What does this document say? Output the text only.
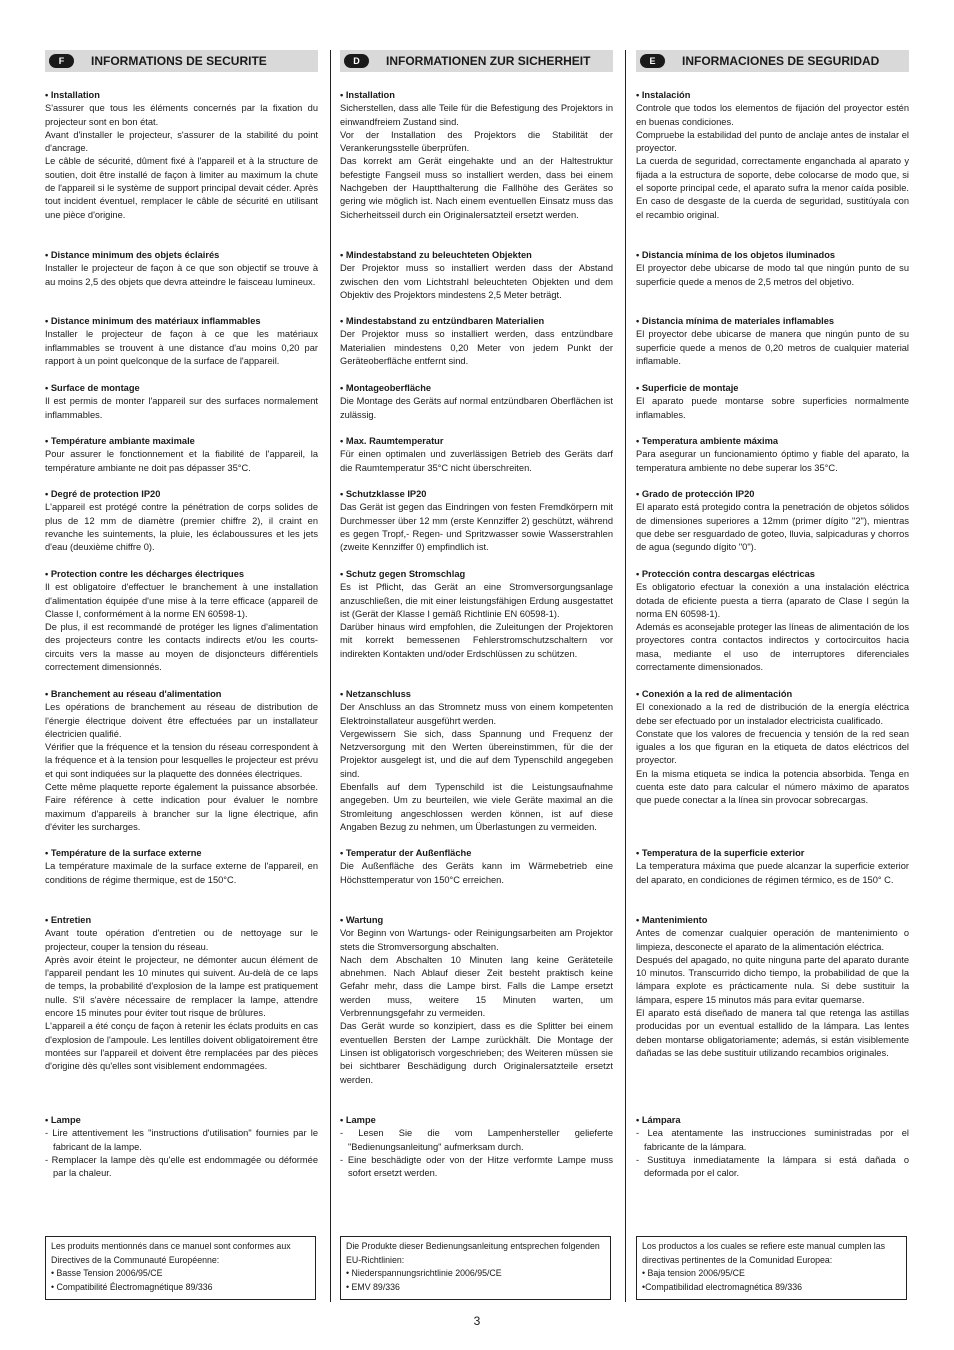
F	INFORMATIONS DE SECURITE

• Installation

S'assurer que tous les éléments concernés par la fixation du projecteur sont en bon état.

Avant d'installer le projecteur, s'assurer de la stabilité du point d'ancrage.

Le câble de sécurité, dûment fixé à l'appareil et à la structure de soutien, doit être installé de façon à limiter au maximum la chute de l'appareil si le système de support principal devait céder. Après tout incident éventuel, remplacer le câble de sécurité en utilisant une pièce d'origine.

• Distance minimum des objets éclairés

Installer le projecteur de façon à ce que son objectif se trouve à au moins 2,5 des objets que devra atteindre le faisceau lumineux.

• Distance minimum des matériaux inflammables

Installer le projecteur de façon à ce que les matériaux inflammables se trouvent à une distance d'au moins 0,20 par rapport à un point quelconque de la surface de l'appareil.

• Surface de montage

Il est permis de monter l'appareil sur des surfaces normalement inflammables.

• Température ambiante maximale

Pour assurer le fonctionnement et la fiabilité de l'appareil, la température ambiante ne doit pas dépasser 35°C.

• Degré de protection IP20

L'appareil est protégé contre la pénétration de corps solides de plus de 12 mm de diamètre (premier chiffre 2), il craint en revanche les suintements, la pluie, les éclaboussures et les jets d'eau (deuxième chiffre 0).

• Protection contre les décharges électriques

Il est obligatoire d'effectuer le branchement à une installation d'alimentation équipée d'une mise à la terre efficace (appareil de Classe I, conformément à la norme EN 60598-1).

De plus, il est recommandé de protéger les lignes d'alimentation des projecteurs contre les contacts indirects et/ou les courts-circuits vers la masse au moyen de disjoncteurs différentiels correctement dimensionnés.

• Branchement au réseau d'alimentation

Les opérations de branchement au réseau de distribution de l'énergie électrique doivent être effectuées par un installateur électricien qualifié.

Vérifier que la fréquence et la tension du réseau correspondent à la fréquence et à la tension pour lesquelles le projecteur est prévu et qui sont indiquées sur la plaquette des données électriques.

Cette même plaquette reporte également la puissance absorbée. Faire référence à cette indication pour évaluer le nombre maximum d'appareils à brancher sur la ligne électrique, afin d'éviter les surcharges.

• Température de la surface externe

La température maximale de la surface externe de l'appareil, en conditions de régime thermique, est de 150°C.

• Entretien

Avant toute opération d'entretien ou de nettoyage sur le projecteur, couper la tension du réseau.

Après avoir éteint le projecteur, ne démonter aucun élément de l'appareil pendant les 10 minutes qui suivent. Au-delà de ce laps de temps, la probabilité d'explosion de la lampe est pratiquement nulle. S'il s'avère nécessaire de remplacer la lampe, attendre encore 15 minutes pour éviter tout risque de brûlures.

L'appareil a été conçu de façon à retenir les éclats produits en cas d'explosion de l'ampoule. Les lentilles doivent obligatoirement être montées sur l'appareil et doivent être remplacées par des pièces d'origine dès qu'elles sont visiblement endommagées.

• Lampe

- Lire attentivement les "instructions d'utilisation" fournies par le fabricant de la lampe.

- Remplacer la lampe dès qu'elle est endommagée ou déformée par la chaleur.

D	INFORMATIONEN ZUR SICHERHEIT

• Installation

Sicherstellen, dass alle Teile für die Befestigung des Projektors in einwandfreiem Zustand sind.

Vor der Installation des Projektors die Stabilität der Verankerungsstelle überprüfen.

Das korrekt am Gerät eingehakte und an der Haltestruktur befestigte Fangseil muss so installiert werden, dass bei einem Nachgeben der Hauptthalterung die Fallhöhe des Gerätes so gering wie möglich ist. Nach einem eventuellen Einsatz muss das Sicherheitsseil durch ein Originalersatzteil ersetzt werden.

• Mindestabstand zu beleuchteten Objekten

Der Projektor muss so installiert werden dass der Abstand zwischen den vom Lichtstrahl beleuchteten Objekten und dem Objektiv des Projektors mindestens 2,5 Meter beträgt.

• Mindestabstand zu entzündbaren Materialien

Der Projektor muss so installiert werden, dass entzündbare Materialien mindestens 0,20 Meter von jedem Punkt der Geräteoberfläche entfernt sind.

• Montageoberfläche

Die Montage des Geräts auf normal entzündbaren Oberflächen ist zulässig.

• Max. Raumtemperatur

Für einen optimalen und zuverlässigen Betrieb des Geräts darf die Raumtemperatur 35°C nicht überschreiten.

• Schutzklasse IP20

Das Gerät ist gegen das Eindringen von festen Fremdkörpern mit Durchmesser über 12 mm (erste Kennziffer 2) geschützt, während es gegen Tropf,- Regen- und Spritzwasser sowie Wasserstrahlen (zweite Kennziffer 0) empfindlich ist.

• Schutz gegen Stromschlag

Es ist Pflicht, das Gerät an eine Stromversorgungsanlage anzuschließen, die mit einer leistungsfähigen Erdung ausgestattet ist (Gerät der Klasse I gemäß Richtlinie EN 60598-1).

Darüber hinaus wird empfohlen, die Zuleitungen der Projektoren mit korrekt bemessenen Fehlerstromschutzschaltern vor indirekten Kontakten und/oder Erdschlüssen zu schützen.

• Netzanschluss

Der Anschluss an das Stromnetz muss von einem kompetenten Elektroinstallateur ausgeführt werden.

Vergewissern Sie sich, dass Spannung und Frequenz der Netzversorgung mit den Werten übereinstimmen, für die der Projektor ausgelegt ist, und die auf dem Typenschild angegeben sind.

Ebenfalls auf dem Typenschild ist die Leistungsaufnahme angegeben. Um zu beurteilen, wie viele Geräte maximal an die Stromleitung angeschlossen werden können, ist auf diese Angaben Bezug zu nehmen, um Überlastungen zu vermeiden.

• Temperatur der Außenfläche

Die Außenfläche des Geräts kann im Wärmebetrieb eine Höchsttemperatur von 150°C erreichen.

• Wartung

Vor Beginn von Wartungs- oder Reinigungsarbeiten am Projektor stets die Stromversorgung abschalten.

Nach dem Abschalten 10 Minuten lang keine Geräteteile abnehmen. Nach Ablauf dieser Zeit besteht praktisch keine Gefahr mehr, dass die Lampe birst. Falls die Lampe ersetzt werden muss, weitere 15 Minuten warten, um Verbrennungsgefahr zu vermeiden.

Das Gerät wurde so konzipiert, dass es die Splitter bei einem eventuellen Bersten der Lampe zurückhält. Die Montage der Linsen ist obligatorisch vorgeschrieben; des Weiteren müssen sie bei sichtbarer Beschädigung durch Originalersatzteile ersetzt werden.

• Lampe

- Lesen Sie die vom Lampenhersteller gelieferte "Bedienungsanleitung" aufmerksam durch.

- Eine beschädigte oder von der Hitze verformte Lampe muss sofort ersetzt werden.

E	INFORMACIONES DE SEGURIDAD

• Instalación

Controle que todos los elementos de fijación del proyector estén en buenas condiciones.

Compruebe la estabilidad del punto de anclaje antes de instalar el proyector.

La cuerda de seguridad, correctamente enganchada al aparato y fijada a la estructura de soporte, debe colocarse de modo que, si el soporte principal cede, el aparato sufra la menor caída posible. En caso de desgaste de la cuerda de seguridad, sustitúyala con el recambio original.

• Distancia mínima de los objetos iluminados

El proyector debe ubicarse de modo tal que ningún punto de su superficie quede a menos de 2,5 metros del objetivo.

• Distancia mínima de materiales inflamables

El proyector debe ubicarse de manera que ningún punto de su superficie quede a menos de 0,20 metros de cualquier material inflamable.

• Superficie de montaje

El aparato puede montarse sobre superficies normalmente inflamables.

• Temperatura ambiente máxima

Para asegurar un funcionamiento óptimo y fiable del aparato, la temperatura ambiente no debe superar los 35°C.

• Grado de protección IP20

El aparato está protegido contra la penetración de objetos sólidos de dimensiones superiores a 12mm (primer dígito "2"), mientras que debe ser resguardado de goteo, lluvia, salpicaduras y chorros de agua (segundo dígito "0").

• Protección contra descargas eléctricas

Es obligatorio efectuar la conexión a una instalación eléctrica dotada de eficiente puesta a tierra (aparato de Clase I según la norma EN 60598-1).

Además es aconsejable proteger las líneas de alimentación de los proyectores contra contactos indirectos y cortocircuitos hacia masa, mediante el uso de interruptores diferenciales correctamente dimensionados.

• Conexión a la red de alimentación

El conexionado a la red de distribución de la energía eléctrica debe ser efectuado por un instalador electricista cualificado.

Constate que los valores de frecuencia y tensión de la red sean iguales a los que figuran en la etiqueta de datos eléctricos del proyector.

En la misma etiqueta se indica la potencia absorbida. Tenga en cuenta este dato para calcular el número máximo de aparatos que puede conectar a la línea sin provocar sobrecargas.

• Temperatura de la superficie exterior

La temperatura máxima que puede alcanzar la superficie exterior del aparato, en condiciones de régimen térmico, es de 150° C.

• Mantenimiento

Antes de comenzar cualquier operación de mantenimiento o limpieza, desconecte el aparato de la alimentación eléctrica.

Después del apagado, no quite ninguna parte del aparato durante 10 minutos. Transcurrido dicho tiempo, la probabilidad de que la lámpara explote es prácticamente nula. Si debe sustituir la lámpara, espere 15 minutos más para evitar quemarse.

El aparato está diseñado de manera tal que retenga las astillas producidas por un eventual estallido de la lámpara. Las lentes deben montarse obligatoriamente; además, si están visiblemente dañadas se las debe sustituir utilizando recambios originales.

• Lámpara

- Lea atentamente las instrucciones suministradas por el fabricante de la lámpara.

- Sustituya inmediatamente la lámpara si está dañada o deformada por el calor.

Les produits mentionnés dans ce manuel sont conformes aux Directives de la Communauté Européenne:

• Basse Tension 2006/95/CE

• Compatibilité Électromagnétique 89/336

Die Produkte dieser Bedienungsanleitung entsprechen folgenden EU-Richtlinien:

• Niederspannungsrichtlinie 2006/95/CE

• EMV 89/336

Los productos a los cuales se refiere este manual cumplen las directivas pertinentes de la Comunidad Europea:

• Baja tension 2006/95/CE

•Compatibilidad electromagnética 89/336

3
